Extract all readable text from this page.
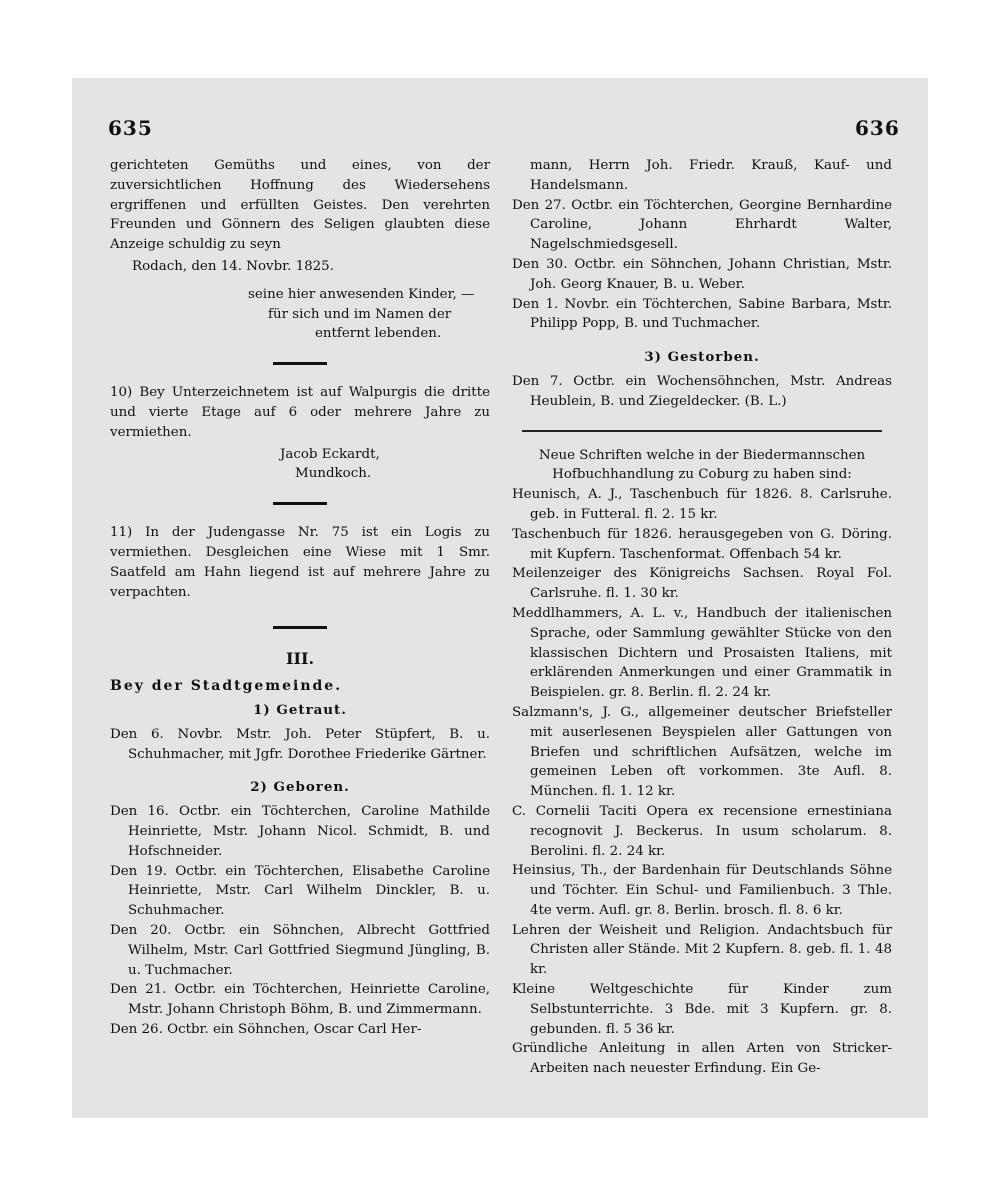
635	636

gerichteten Gemüths und eines, von der zuversichtlichen Hoffnung des Wiedersehens ergriffenen und erfüllten Geistes. Den verehrten Freunden und Gönnern des Seligen glaubten diese Anzeige schuldig zu seyn

Rodach, den 14. Novbr. 1825.

seine hier anwesenden Kinder, —

für sich und im Namen der

entfernt lebenden.

10) Bey Unterzeichnetem ist auf Walpurgis die dritte und vierte Etage auf 6 oder mehrere Jahre zu vermiethen.

Jacob Eckardt,

Mundkoch.

11) In der Judengasse Nr. 75 ist ein Logis zu vermiethen. Desgleichen eine Wiese mit 1 Smr. Saatfeld am Hahn liegend ist auf mehrere Jahre zu verpachten.

III.

Bey der Stadtgemeinde.

1) Getraut.

Den 6. Novbr. Mstr. Joh. Peter Stüpfert, B. u. Schuhmacher, mit Jgfr. Dorothee Friederike Gärtner.

2) Geboren.

Den 16. Octbr. ein Töchterchen, Caroline Mathilde Heinriette, Mstr. Johann Nicol. Schmidt, B. und Hofschneider.

Den 19. Octbr. ein Töchterchen, Elisabethe Caroline Heinriette, Mstr. Carl Wilhelm Dinckler, B. u. Schuhmacher.

Den 20. Octbr. ein Söhnchen, Albrecht Gottfried Wilhelm, Mstr. Carl Gottfried Siegmund Jüngling, B. u. Tuchmacher.

Den 21. Octbr. ein Töchterchen, Heinriette Caroline, Mstr. Johann Christoph Böhm, B. und Zimmermann.

Den 26. Octbr. ein Söhnchen, Oscar Carl Her-

mann, Herrn Joh. Friedr. Krauß, Kauf- und Handelsmann.

Den 27. Octbr. ein Töchterchen, Georgine Bernhardine Caroline, Johann Ehrhardt Walter, Nagelschmiedsgesell.

Den 30. Octbr. ein Söhnchen, Johann Christian, Mstr. Joh. Georg Knauer, B. u. Weber.

Den 1. Novbr. ein Töchterchen, Sabine Barbara, Mstr. Philipp Popp, B. und Tuchmacher.

3) Gestorben.

Den 7. Octbr. ein Wochensöhnchen, Mstr. Andreas Heublein, B. und Ziegeldecker. (B. L.)

Neue Schriften welche in der Biedermannschen Hofbuchhandlung zu Coburg zu haben sind:

Heunisch, A. J., Taschenbuch für 1826. 8. Carlsruhe. geb. in Futteral. fl. 2. 15 kr.

Taschenbuch für 1826. herausgegeben von G. Döring. mit Kupfern. Taschenformat. Offenbach 54 kr.

Meilenzeiger des Königreichs Sachsen. Royal Fol. Carlsruhe. fl. 1. 30 kr.

Meddlhammers, A. L. v., Handbuch der italienischen Sprache, oder Sammlung gewählter Stücke von den klassischen Dichtern und Prosaisten Italiens, mit erklärenden Anmerkungen und einer Grammatik in Beispielen. gr. 8. Berlin. fl. 2. 24 kr.

Salzmann's, J. G., allgemeiner deutscher Briefsteller mit auserlesenen Beyspielen aller Gattungen von Briefen und schriftlichen Aufsätzen, welche im gemeinen Leben oft vorkommen. 3te Aufl. 8. München. fl. 1. 12 kr.

C. Cornelii Taciti Opera ex recensione ernestiniana recognovit J. Beckerus. In usum scholarum. 8. Berolini. fl. 2. 24 kr.

Heinsius, Th., der Bardenhain für Deutschlands Söhne und Töchter. Ein Schul- und Familienbuch. 3 Thle. 4te verm. Aufl. gr. 8. Berlin. brosch. fl. 8. 6 kr.

Lehren der Weisheit und Religion. Andachtsbuch für Christen aller Stände. Mit 2 Kupfern. 8. geb. fl. 1. 48 kr.

Kleine Weltgeschichte für Kinder zum Selbstunterrichte. 3 Bde. mit 3 Kupfern. gr. 8. gebunden. fl. 5 36 kr.

Gründliche Anleitung in allen Arten von Stricker-Arbeiten nach neuester Erfindung. Ein Ge-
